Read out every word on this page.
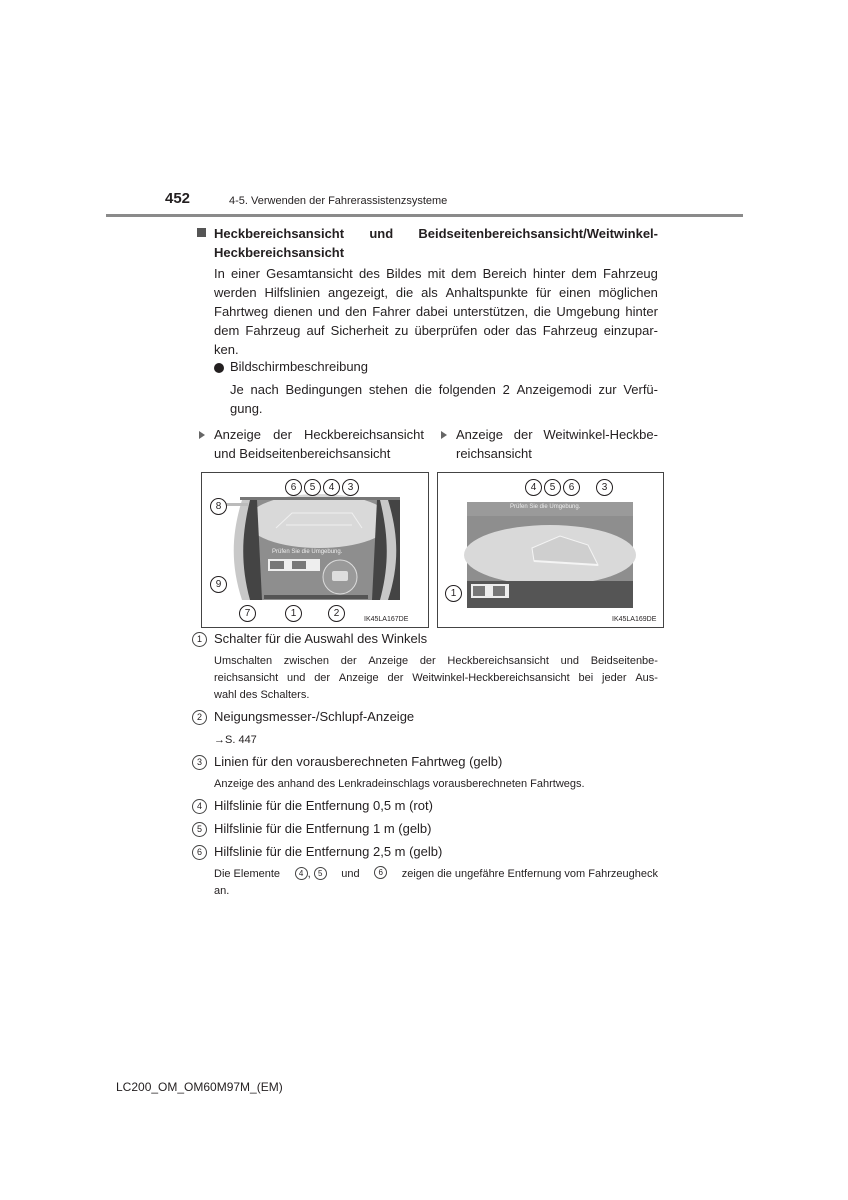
452	4-5. Verwenden der Fahrerassistenzsysteme
Heckbereichsansicht und Beidseitenbereichsansicht/Weitwinkel-
Heckbereichsansicht
In einer Gesamtansicht des Bildes mit dem Bereich hinter dem Fahrzeug
werden Hilfslinien angezeigt, die als Anhaltspunkte für einen möglichen
Fahrtweg dienen und den Fahrer dabei unterstützen, die Umgebung hinter
dem Fahrzeug auf Sicherheit zu überprüfen oder das Fahrzeug einzupar-
ken.
Bildschirmbeschreibung
Je nach Bedingungen stehen die folgenden 2 Anzeigemodi zur Verfü-
gung.
Anzeige der Heckbereichsansicht
und Beidseitenbereichsansicht
Anzeige der Weitwinkel-Heckbe-
reichsansicht
Prüfen Sie die Umgebung.
6	5	4	3
8
9
7	1	2
IK45LA167DE
Prüfen Sie die Umgebung.
4	5	6	3
1
IK45LA169DE
1 Schalter für die Auswahl des Winkels
Umschalten zwischen der Anzeige der Heckbereichsansicht und Beidseitenbe-
reichsansicht und der Anzeige der Weitwinkel-Heckbereichsansicht bei jeder Aus-
wahl des Schalters.
2 Neigungsmesser-/Schlupf-Anzeige
→S. 447
3 Linien für den vorausberechneten Fahrtweg (gelb)
Anzeige des anhand des Lenkradeinschlags vorausberechneten Fahrtwegs.
4 Hilfslinie für die Entfernung 0,5 m (rot)
5 Hilfslinie für die Entfernung 1 m (gelb)
6 Hilfslinie für die Entfernung 2,5 m (gelb)
Die Elemente	4 , 5	und	6	zeigen die ungefähre Entfernung vom Fahrzeugheck
an.
LC200_OM_OM60M97M_(EM)
